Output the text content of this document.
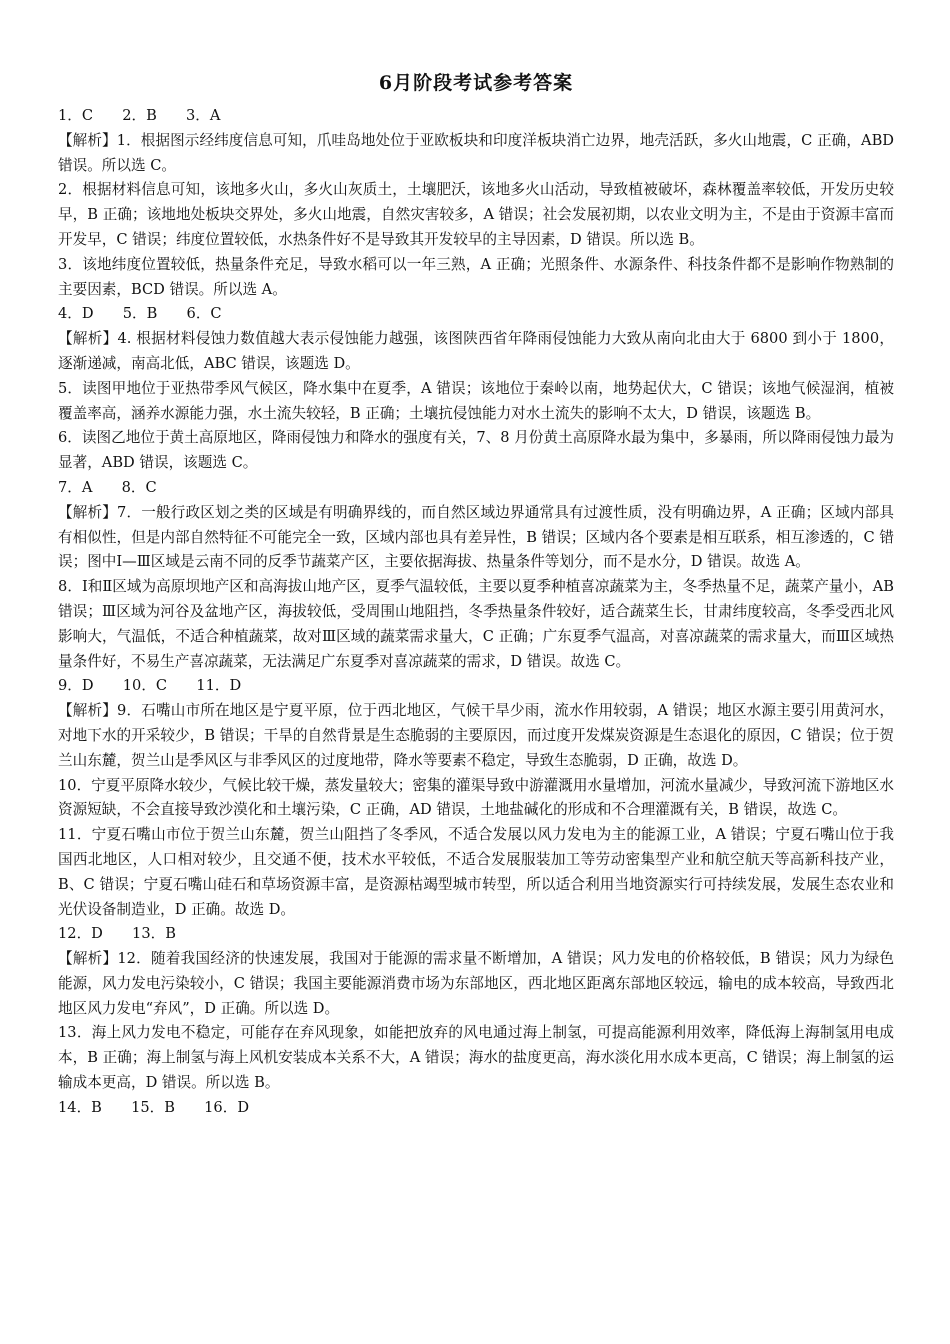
6月阶段考试参考答案

1．C　　2．B　　3．A

【解析】1．根据图示经纬度信息可知，爪哇岛地处位于亚欧板块和印度洋板块消亡边界，地壳活跃，多火山地震，C 正确，ABD 错误。所以选 C。

2．根据材料信息可知，该地多火山，多火山灰质土，土壤肥沃，该地多火山活动，导致植被破坏，森林覆盖率较低，开发历史较早，B 正确；该地地处板块交界处，多火山地震，自然灾害较多，A 错误；社会发展初期，以农业文明为主，不是由于资源丰富而开发早，C 错误；纬度位置较低，水热条件好不是导致其开发较早的主导因素，D 错误。所以选 B。

3．该地纬度位置较低，热量条件充足，导致水稻可以一年三熟，A 正确；光照条件、水源条件、科技条件都不是影响作物熟制的主要因素，BCD 错误。所以选 A。

4．D　　5．B　　6．C

【解析】4. 根据材料侵蚀力数值越大表示侵蚀能力越强，该图陕西省年降雨侵蚀能力大致从南向北由大于 6800 到小于 1800，逐渐递减，南高北低，ABC 错误，该题选 D。

5．读图甲地位于亚热带季风气候区，降水集中在夏季，A 错误；该地位于秦岭以南，地势起伏大，C 错误；该地气候湿润，植被覆盖率高，涵养水源能力强，水土流失较轻，B 正确；土壤抗侵蚀能力对水土流失的影响不太大，D 错误，该题选 B。

6．读图乙地位于黄土高原地区，降雨侵蚀力和降水的强度有关，7、8 月份黄土高原降水最为集中，多暴雨，所以降雨侵蚀力最为显著，ABD 错误，该题选 C。

7．A　　8．C

【解析】7．一般行政区划之类的区域是有明确界线的，而自然区域边界通常具有过渡性质，没有明确边界，A 正确；区域内部具有相似性，但是内部自然特征不可能完全一致，区域内部也具有差异性，B 错误；区域内各个要素是相互联系，相互渗透的，C 错误；图中Ⅰ—Ⅲ区域是云南不同的反季节蔬菜产区，主要依据海拔、热量条件等划分，而不是水分，D 错误。故选 A。

8．Ⅰ和Ⅱ区域为高原坝地产区和高海拔山地产区，夏季气温较低，主要以夏季种植喜凉蔬菜为主，冬季热量不足，蔬菜产量小，AB 错误；Ⅲ区域为河谷及盆地产区，海拔较低，受周围山地阻挡，冬季热量条件较好，适合蔬菜生长，甘肃纬度较高，冬季受西北风影响大，气温低，不适合种植蔬菜，故对Ⅲ区域的蔬菜需求量大，C 正确；广东夏季气温高，对喜凉蔬菜的需求量大，而Ⅲ区域热量条件好，不易生产喜凉蔬菜，无法满足广东夏季对喜凉蔬菜的需求，D 错误。故选 C。

9．D　　10．C　　11．D

【解析】9．石嘴山市所在地区是宁夏平原，位于西北地区，气候干旱少雨，流水作用较弱，A 错误；地区水源主要引用黄河水，对地下水的开采较少，B 错误；干旱的自然背景是生态脆弱的主要原因，而过度开发煤炭资源是生态退化的原因，C 错误；位于贺兰山东麓，贺兰山是季风区与非季风区的过度地带，降水等要素不稳定，导致生态脆弱，D 正确，故选 D。

10．宁夏平原降水较少，气候比较干燥，蒸发量较大；密集的灌渠导致中游灌溉用水量增加，河流水量减少，导致河流下游地区水资源短缺，不会直接导致沙漠化和土壤污染，C 正确，AD 错误，土地盐碱化的形成和不合理灌溉有关，B 错误，故选 C。

11．宁夏石嘴山市位于贺兰山东麓，贺兰山阻挡了冬季风，不适合发展以风力发电为主的能源工业，A 错误；宁夏石嘴山位于我国西北地区，人口相对较少，且交通不便，技术水平较低，不适合发展服装加工等劳动密集型产业和航空航天等高新科技产业，B、C 错误；宁夏石嘴山硅石和草场资源丰富，是资源枯竭型城市转型，所以适合利用当地资源实行可持续发展，发展生态农业和光伏设备制造业，D 正确。故选 D。

12．D　　13．B

【解析】12．随着我国经济的快速发展，我国对于能源的需求量不断增加，A 错误；风力发电的价格较低，B 错误；风力为绿色能源，风力发电污染较小，C 错误；我国主要能源消费市场为东部地区，西北地区距离东部地区较远，输电的成本较高，导致西北地区风力发电“弃风”，D 正确。所以选 D。

13．海上风力发电不稳定，可能存在弃风现象，如能把放弃的风电通过海上制氢，可提高能源利用效率，降低海上海制氢用电成本，B 正确；海上制氢与海上风机安装成本关系不大，A 错误；海水的盐度更高，海水淡化用水成本更高，C 错误；海上制氢的运输成本更高，D 错误。所以选 B。

14．B　　15．B　　16．D
